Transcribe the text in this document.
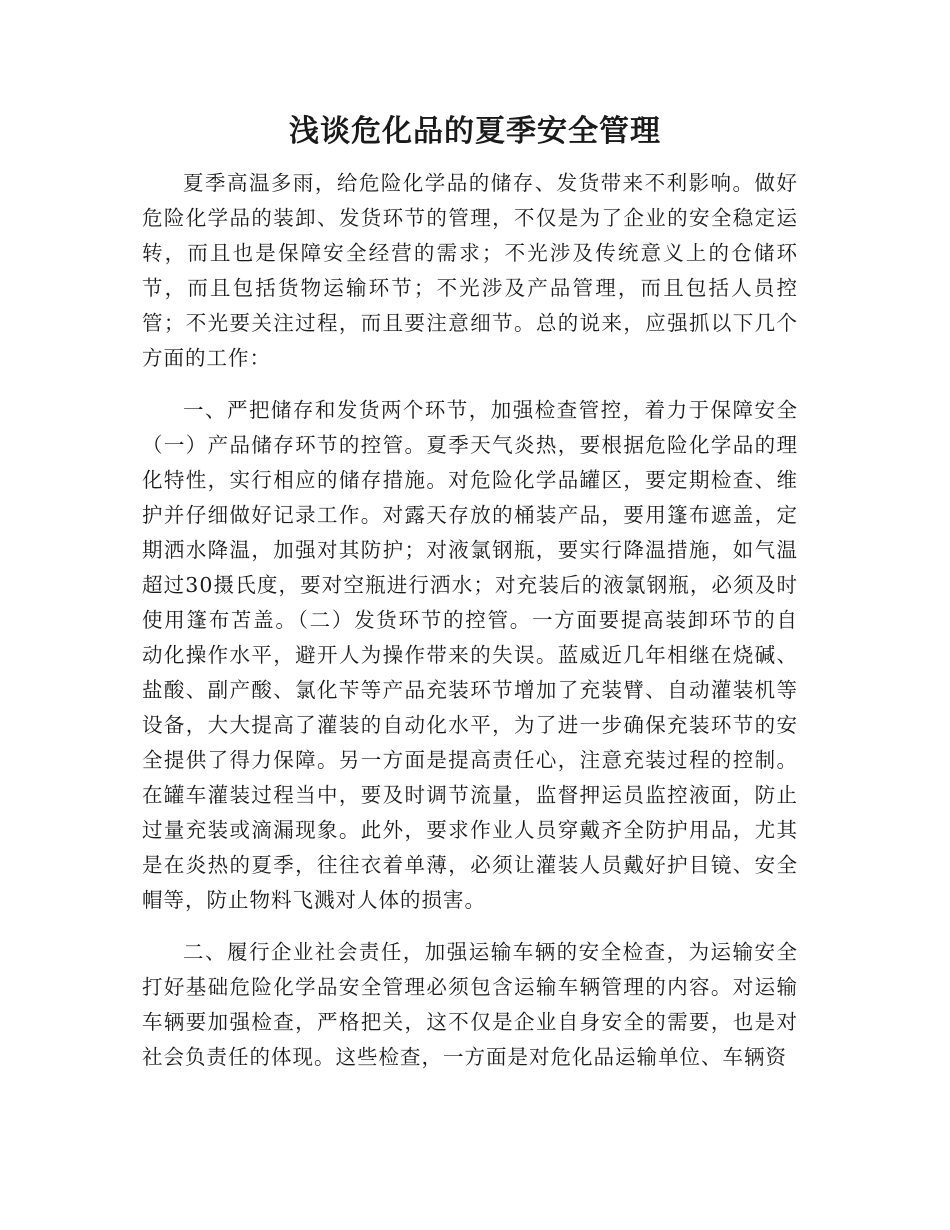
浅谈危化品的夏季安全管理

夏季高温多雨，给危险化学品的储存、发货带来不利影响。做好危险化学品的装卸、发货环节的管理，不仅是为了企业的安全稳定运转，而且也是保障安全经营的需求；不光涉及传统意义上的仓储环节，而且包括货物运输环节；不光涉及产品管理，而且包括人员控管；不光要关注过程，而且要注意细节。总的说来，应强抓以下几个方面的工作：

一、严把储存和发货两个环节，加强检查管控，着力于保障安全（一）产品储存环节的控管。夏季天气炎热，要根据危险化学品的理化特性，实行相应的储存措施。对危险化学品罐区，要定期检查、维护并仔细做好记录工作。对露天存放的桶装产品，要用篷布遮盖，定期洒水降温，加强对其防护；对液氯钢瓶，要实行降温措施，如气温超过30摄氏度，要对空瓶进行洒水；对充装后的液氯钢瓶，必须及时使用篷布苫盖。（二）发货环节的控管。一方面要提高装卸环节的自动化操作水平，避开人为操作带来的失误。蓝威近几年相继在烧碱、盐酸、副产酸、氯化苄等产品充装环节增加了充装臂、自动灌装机等设备，大大提高了灌装的自动化水平，为了进一步确保充装环节的安全提供了得力保障。另一方面是提高责任心，注意充装过程的控制。在罐车灌装过程当中，要及时调节流量，监督押运员监控液面，防止过量充装或滴漏现象。此外，要求作业人员穿戴齐全防护用品，尤其是在炎热的夏季，往往衣着单薄，必须让灌装人员戴好护目镜、安全帽等，防止物料飞溅对人体的损害。

二、履行企业社会责任，加强运输车辆的安全检查，为运输安全打好基础危险化学品安全管理必须包含运输车辆管理的内容。对运输车辆要加强检查，严格把关，这不仅是企业自身安全的需要，也是对社会负责任的体现。这些检查，一方面是对危化品运输单位、车辆资
